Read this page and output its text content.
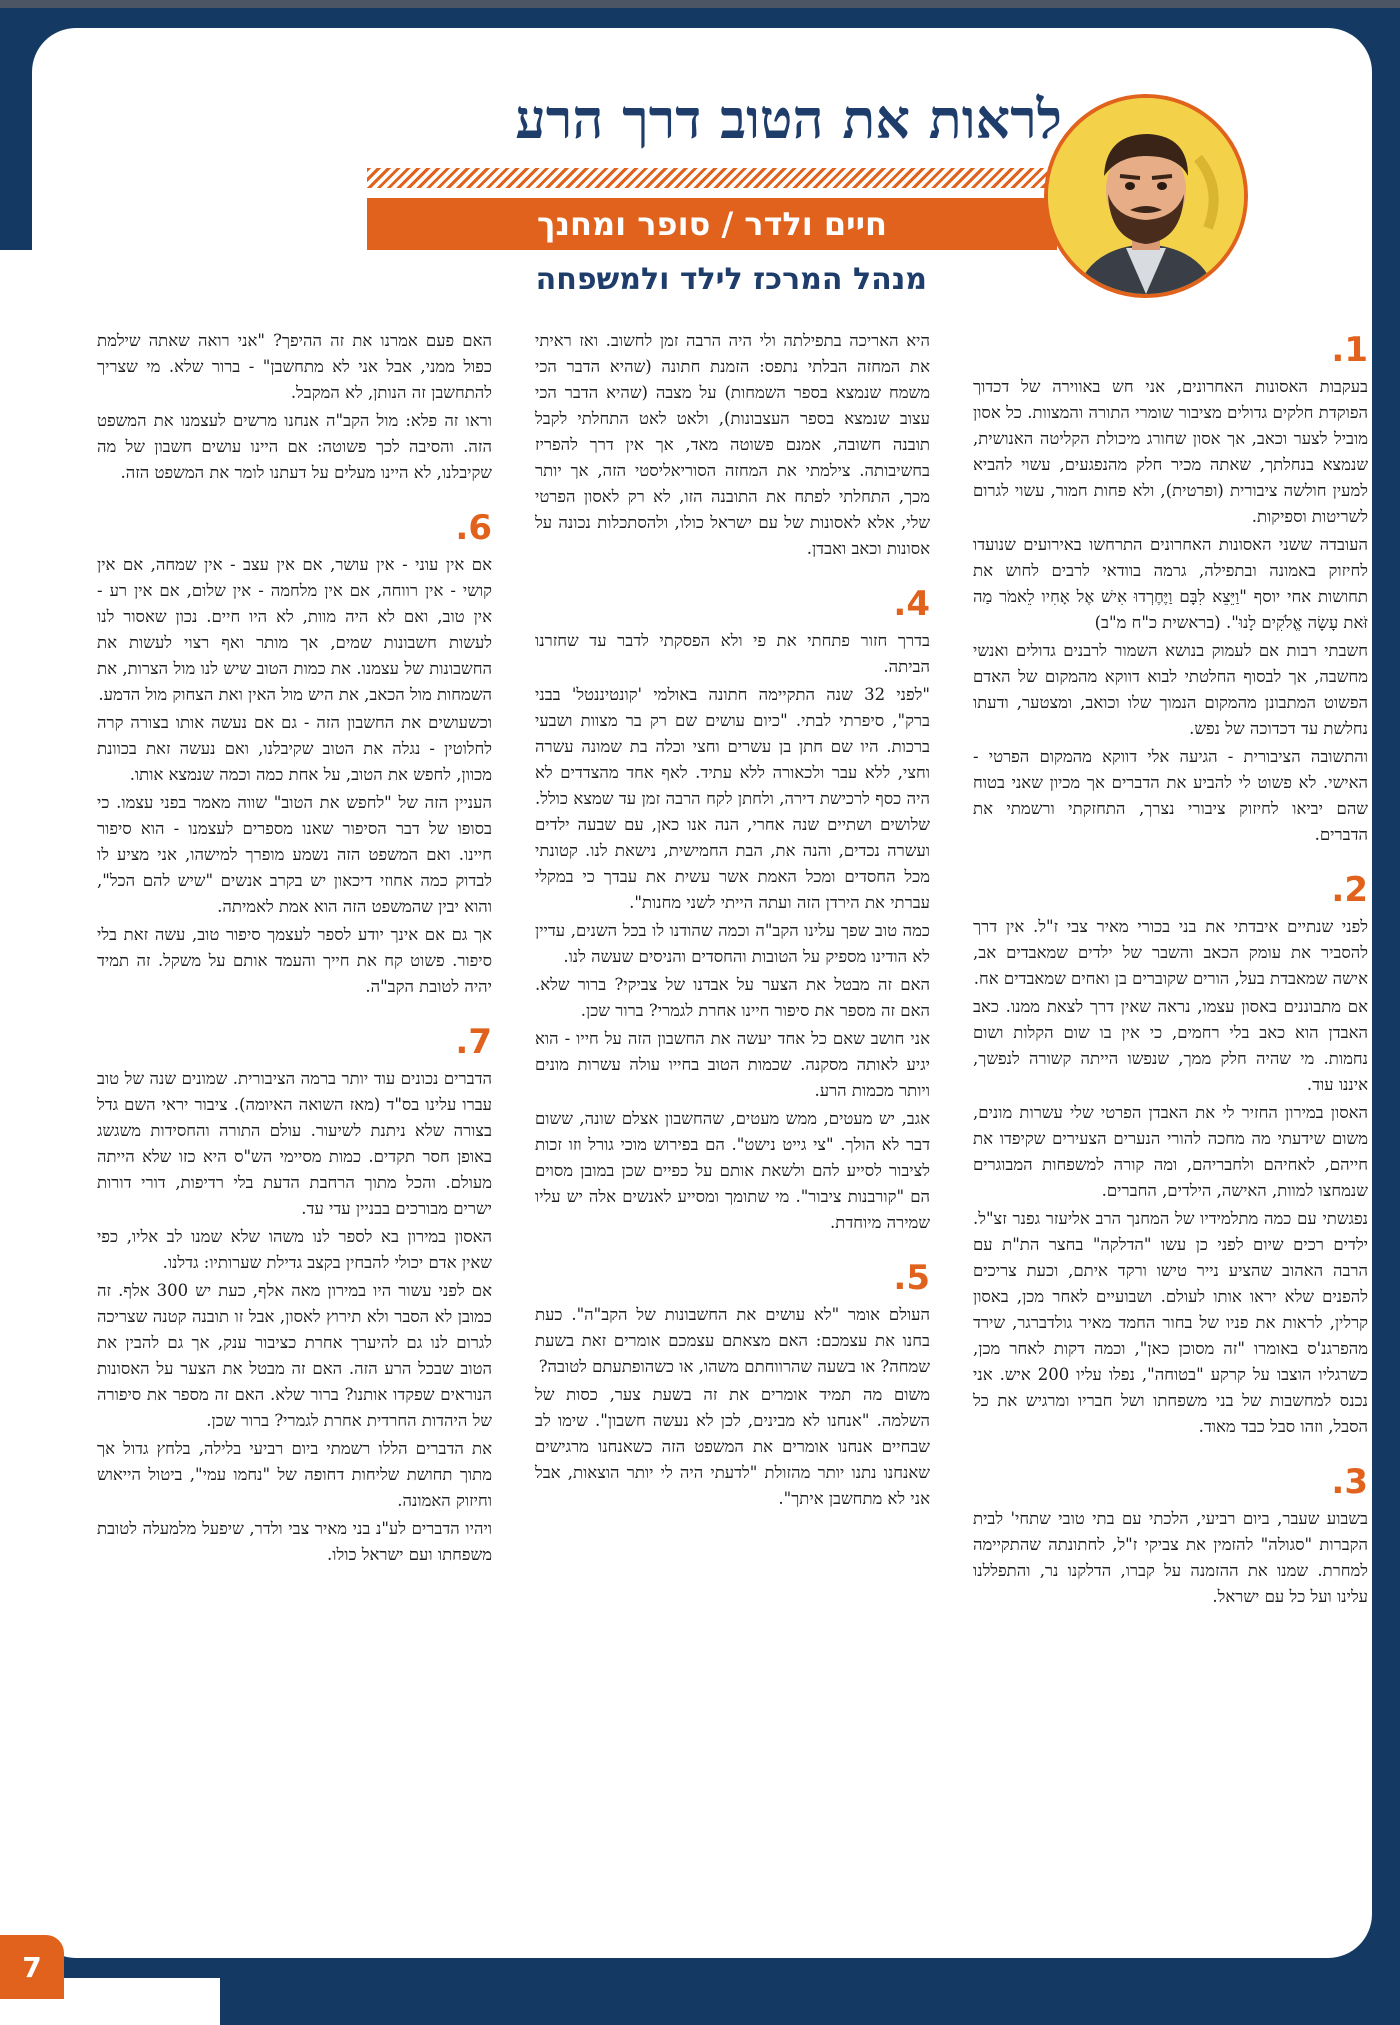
לראות את הטוב דרך הרע
חיים ולדר / סופר ומחנך
מנהל המרכז לילד ולמשפחה
1.

בעקבות האסונות האחרונים, אני חש באווירה של דכדוך הפוקדת חלקים גדולים מציבור שומרי התורה והמצוות. כל אסון מוביל לצער וכאב, אך אסון שחורג מיכולת הקליטה האנושית, שנמצא בנחלתך, שאתה מכיר חלק מהנפגעים, עשוי להביא למעין חולשה ציבורית (ופרטית), ולא פחות חמור, עשוי לגרום לשריטות וספיקות.

העובדה ששני האסונות האחרונים התרחשו באירועים שנועדו לחיזוק באמונה ובתפילה, גרמה בוודאי לרבים לחוש את תחושות אחי יוסף "וַיֵּצֵא לִבָּם וַיֶּחֶרְדוּ אִישׁ אֶל אָחִיו לֵאמֹר מַה זֹּאת עָשָׂה אֱלֹקִים לָנוּ". (בראשית כ"ח מ"ב)

חשבתי רבות אם לעמוק בנושא השמור לרבנים גדולים ואנשי מחשבה, אך לבסוף החלטתי לבוא דווקא מהמקום של האדם הפשוט המתבונן מהמקום הנמוך שלו וכואב, ומצטער, ודעתו נחלשת עד דכדוכה של נפש.

והתשובה הציבורית - הגיעה אלי דווקא מהמקום הפרטי - האישי. לא פשוט לי להביע את הדברים אך מכיון שאני בטוח שהם יביאו לחיזוק ציבורי נצרך, התחזקתי ורשמתי את הדברים.

2.

לפני שנתיים איבדתי את בני בכורי מאיר צבי ז"ל. אין דרך להסביר את עומק הכאב והשבר של ילדים שמאבדים אב, אישה שמאבדת בעל, הורים שקוברים בן ואחים שמאבדים אח.

אם מתבוננים באסון עצמו, נראה שאין דרך לצאת ממנו. כאב האבדן הוא כאב בלי רחמים, כי אין בו שום הקלות ושום נחמות. מי שהיה חלק ממך, שנפשו הייתה קשורה לנפשך, איננו עוד.

האסון במירון החזיר לי את האבדן הפרטי שלי עשרות מונים, משום שידעתי מה מחכה להורי הנערים הצעירים שקיפדו את חייהם, לאחיהם ולחבריהם, ומה קורה למשפחות המבוגרים שנמחצו למוות, האישה, הילדים, החברים.

נפגשתי עם כמה מתלמידיו של המחנך הרב אליעזר גפנר זצ"ל. ילדים רכים שיום לפני כן עשו "הדלקה" בחצר הת"ת עם הרבה האהוב שהציע נייר טישו ורקד איתם, וכעת צריכים להפנים שלא יראו אותו לעולם. ושבועיים לאחר מכן, באסון קרלין, לראות את פניו של בחור החמד מאיר גולדברגר, שירד מהפרגנ'ס באומרו "זה מסוכן כאן", וכמה דקות לאחר מכן, כשרגליו הוצבו על קרקע "בטוחה", נפלו עליו 200 איש. אני נכנס למחשבות של בני משפחתו ושל חבריו ומרגיש את כל הסבל, וזהו סבל כבד מאוד.

3.

בשבוע שעבר, ביום רביעי, הלכתי עם בתי טובי שתחי' לבית הקברות "סגולה" להזמין את צביקי ז"ל, לחתונתה שהתקיימה למחרת. שמנו את ההזמנה על קברו, הדלקנו נר, והתפללנו עלינו ועל כל עם ישראל.

היא האריכה בתפילתה ולי היה הרבה זמן לחשוב. ואז ראיתי את המחזה הבלתי נתפס: הזמנת חתונה (שהיא הדבר הכי משמח שנמצא בספר השמחות) על מצבה (שהיא הדבר הכי עצוב שנמצא בספר העצבונות), ולאט לאט התחלתי לקבל תובנה חשובה, אמנם פשוטה מאד, אך אין דרך להפריז בחשיבותה. צילמתי את המחזה הסוריאליסטי הזה, אך יותר מכך, התחלתי לפתח את התובנה הזו, לא רק לאסון הפרטי שלי, אלא לאסונות של עם ישראל כולו, ולהסתכלות נכונה על אסונות וכאב ואבדן.

4.

בדרך חזור פתחתי את פי ולא הפסקתי לדבר עד שחזרנו הביתה.

"לפני 32 שנה התקיימה חתונה באולמי 'קונטיננטל' בבני ברק", סיפרתי לבתי. "כיום עושים שם רק בר מצוות ושבעי ברכות. היו שם חתן בן עשרים וחצי וכלה בת שמונה עשרה וחצי, ללא עבר ולכאורה ללא עתיד. לאף אחד מהצדדים לא היה כסף לרכישת דירה, ולחתן לקח הרבה זמן עד שמצא כולל. שלושים ושתיים שנה אחרי, הנה אנו כאן, עם שבעה ילדים ועשרה נכדים, והנה את, הבת החמישית, נישאת לנו. קטונתי מכל החסדים ומכל האמת אשר עשית את עבדך כי במקלי עברתי את הירדן הזה ועתה הייתי לשני מחנות".

כמה טוב שפך עלינו הקב"ה וכמה שהודנו לו בכל השנים, עדיין לא הודינו מספיק על הטובות והחסדים והניסים שעשה לנו.

האם זה מבטל את הצער על אבדנו של צביקי? ברור שלא. האם זה מספר את סיפור חיינו אחרת לגמרי? ברור שכן.

אני חושב שאם כל אחד יעשה את החשבון הזה על חייו - הוא יגיע לאותה מסקנה. שכמות הטוב בחייו עולה עשרות מונים ויותר מכמות הרע.

אגב, יש מעטים, ממש מעטים, שהחשבון אצלם שונה, ששום דבר לא הולך. "צי גייט נישט". הם בפירוש מוכי גורל וזו זכות לציבור לסייע להם ולשאת אותם על כפיים שכן במובן מסוים הם "קורבנות ציבור". מי שתומך ומסייע לאנשים אלה יש עליו שמירה מיוחדת.

5.

העולם אומר "לא עושים את החשבונות של הקב"ה". כעת בחנו את עצמכם: האם מצאתם עצמכם אומרים זאת בשעת שמחה? או בשעה שהרווחתם משהו, או כשהופתעתם לטובה?

משום מה תמיד אומרים את זה בשעת צער, כסות של השלמה. "אנחנו לא מבינים, לכן לא נעשה חשבון". שימו לב שבחיים אנחנו אומרים את המשפט הזה כשאנחנו מרגישים שאנחנו נתנו יותר מהזולת "לדעתי היה לי יותר הוצאות, אבל אני לא מתחשבן איתך".

האם פעם אמרנו את זה ההיפך? "אני רואה שאתה שילמת כפול ממני, אבל אני לא מתחשבן" - ברור שלא. מי שצריך להתחשבן זה הנותן, לא המקבל.

וראו זה פלא: מול הקב"ה אנחנו מרשים לעצמנו את המשפט הזה. והסיבה לכך פשוטה: אם היינו עושים חשבון של מה שקיבלנו, לא היינו מעלים על דעתנו לומר את המשפט הזה.

6.

אם אין עוני - אין עושר, אם אין עצב - אין שמחה, אם אין קושי - אין רווחה, אם אין מלחמה - אין שלום, אם אין רע - אין טוב, ואם לא היה מוות, לא היו חיים. נכון שאסור לנו לעשות חשבונות שמים, אך מותר ואף רצוי לעשות את החשבונות של עצמנו. את כמות הטוב שיש לנו מול הצרות, את השמחות מול הכאב, את היש מול האין ואת הצחוק מול הדמע.

וכשעושים את החשבון הזה - גם אם נעשה אותו בצורה קרה לחלוטין - נגלה את הטוב שקיבלנו, ואם נעשה זאת בכוונת מכוון, לחפש את הטוב, על אחת כמה וכמה שנמצא אותו.

העניין הזה של "לחפש את הטוב" שווה מאמר בפני עצמו. כי בסופו של דבר הסיפור שאנו מספרים לעצמנו - הוא סיפור חיינו. ואם המשפט הזה נשמע מופרך למישהו, אני מציע לו לבדוק כמה אחוזי דיכאון יש בקרב אנשים "שיש להם הכל", והוא יבין שהמשפט הזה הוא אמת לאמיתה.

אך גם אם אינך יודע לספר לעצמך סיפור טוב, עשה זאת בלי סיפור. פשוט קח את חייך והעמד אותם על משקל. זה תמיד יהיה לטובת הקב"ה.

7.

הדברים נכונים עוד יותר ברמה הציבורית. שמונים שנה של טוב עברו עלינו בס"ד (מאז השואה האיומה). ציבור יראי השם גדל בצורה שלא ניתנת לשיעור. עולם התורה והחסידות משגשג באופן חסר תקדים. כמות מסיימי הש"ס היא כזו שלא הייתה מעולם. והכל מתוך הרחבת הדעת בלי רדיפות, דורי דורות ישרים מבורכים בבניין עדי עד.

האסון במירון בא לספר לנו משהו שלא שמנו לב אליו, כפי שאין אדם יכולי להבחין בקצב גדילת שערותיו: גדלנו.

אם לפני עשור היו במירון מאה אלף, כעת יש 300 אלף. זה כמובן לא הסבר ולא תירוץ לאסון, אבל זו תובנה קטנה שצריכה לגרום לנו גם להיערך אחרת כציבור ענק, אך גם להבין את הטוב שבכל הרע הזה. האם זה מבטל את הצער על האסונות הנוראים שפקדו אותנו? ברור שלא. האם זה מספר את סיפורה של היהדות החרדית אחרת לגמרי? ברור שכן.

את הדברים הללו רשמתי ביום רביעי בלילה, בלחץ גדול אך מתוך תחושת שליחות דחופה של "נחמו עמי", ביטול הייאוש וחיזוק האמונה.

ויהיו הדברים לע"נ בני מאיר צבי ולדר, שיפעל מלמעלה לטובת משפחתו ועם ישראל כולו.

7
